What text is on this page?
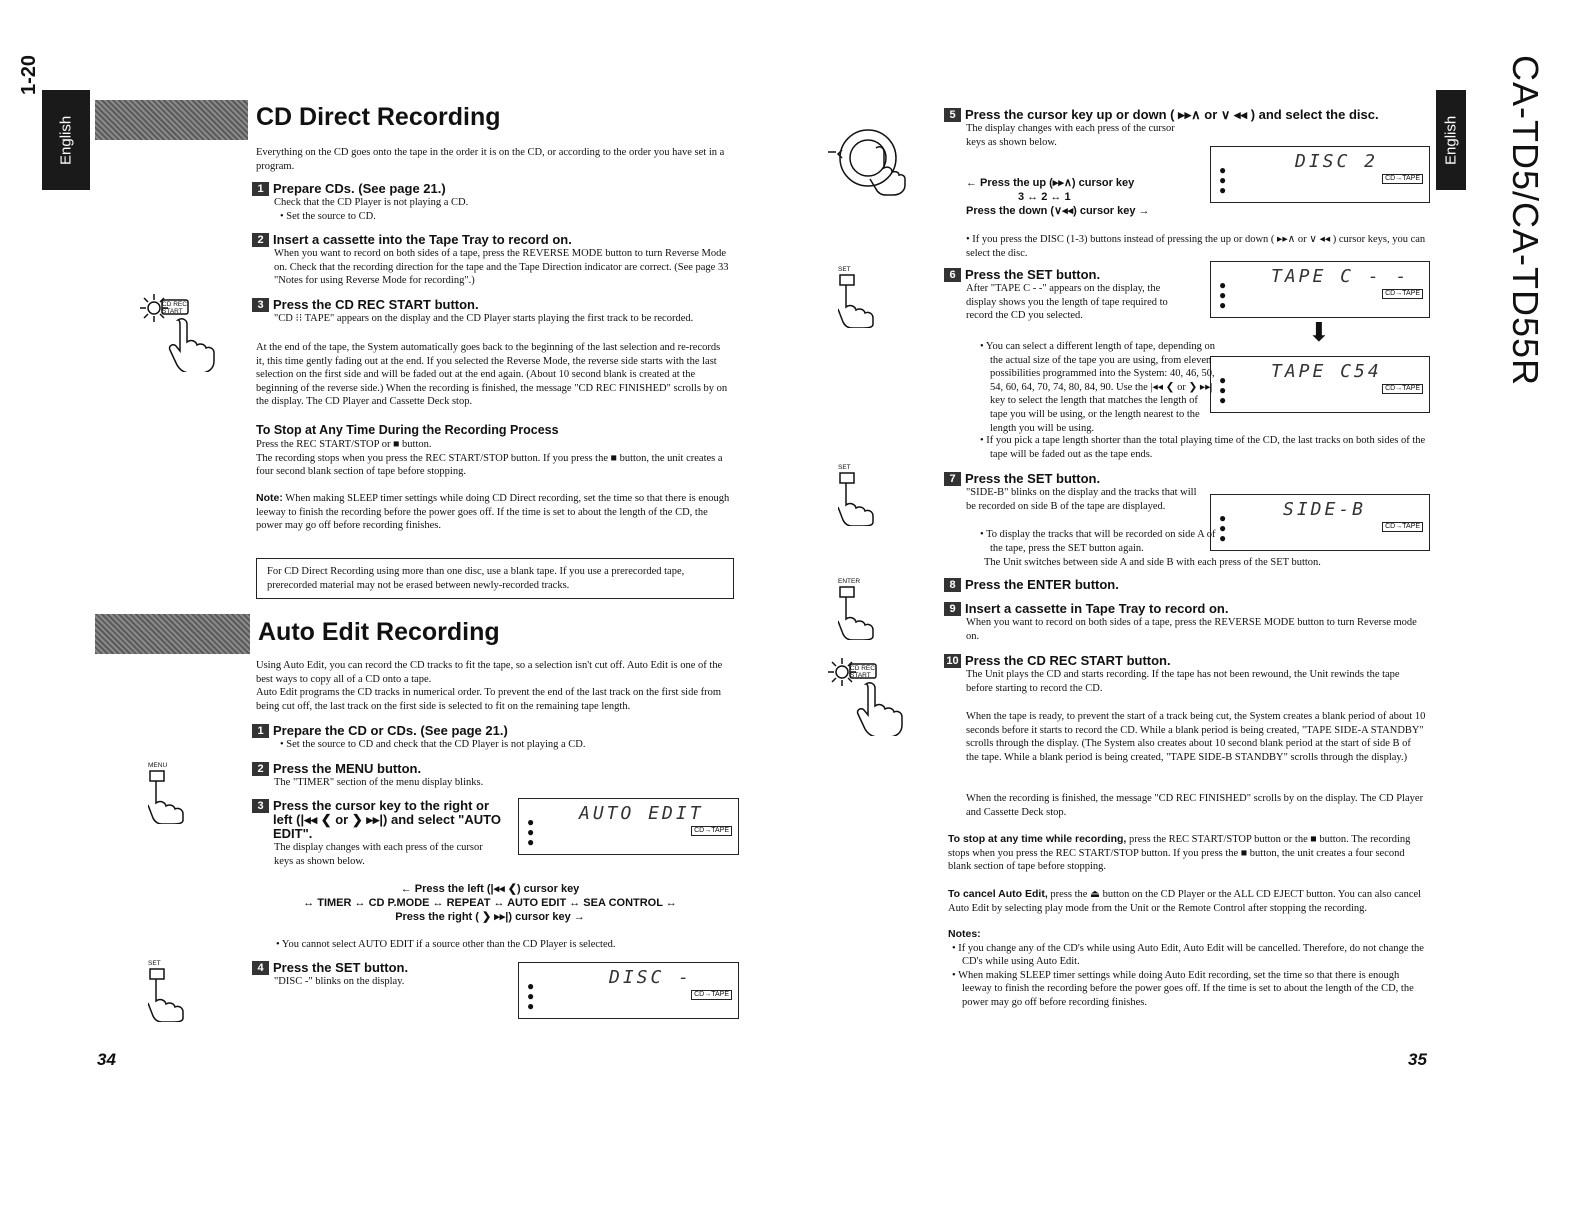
1-20
English	CD Direct Recording
Everything on the CD goes onto the tape in the order it is on the CD, or according to the order you have set in a program.
1 Prepare CDs. (See page 21.)
Check that the CD Player is not playing a CD.
• Set the source to CD.
2 Insert a cassette into the Tape Tray to record on.
When you want to record on both sides of a tape, press the REVERSE MODE button to turn Reverse Mode on. Check that the recording direction for the tape and the Tape Direction indicator are correct. (See page 33 "Notes for using Reverse Mode for recording".)
3 Press the CD REC START button.
"CD ⁝⁝ TAPE" appears on the display and the CD Player starts playing the first track to be recorded.
CD REC START
At the end of the tape, the System automatically goes back to the beginning of the last selection and re-records it, this time gently fading out at the end. If you selected the Reverse Mode, the reverse side starts with the last selection on the first side and will be faded out at the end again. (About 10 second blank is created at the beginning of the reverse side.) When the recording is finished, the message "CD REC FINISHED" scrolls by on the display. The CD Player and Cassette Deck stop.
To Stop at Any Time During the Recording Process
Press the REC START/STOP or ■ button.
The recording stops when you press the REC START/STOP button. If you press the ■ button, the unit creates a four second blank section of tape before stopping.
Note: When making SLEEP timer settings while doing CD Direct recording, set the time so that there is enough leeway to finish the recording before the power goes off. If the time is set to about the length of the CD, the power may go off before recording finishes.
For CD Direct Recording using more than one disc, use a blank tape. If you use a prerecorded tape, prerecorded material may not be erased between newly-recorded tracks.
Auto Edit Recording
Using Auto Edit, you can record the CD tracks to fit the tape, so a selection isn't cut off. Auto Edit is one of the best ways to copy all of a CD onto a tape.
Auto Edit programs the CD tracks in numerical order. To prevent the end of the last track on the first side from being cut off, the last track on the first side is selected to fit on the remaining tape length.
1 Prepare the CD or CDs. (See page 21.)
• Set the source to CD and check that the CD Player is not playing a CD.
2 Press the MENU button.
The "TIMER" section of the menu display blinks.
3 Press the cursor key to the right or left (|◂◂ ❮ or ❯ ▸▸|) and select "AUTO EDIT".
The display changes with each press of the cursor keys as shown below.
AUTO EDIT
●
●
●
CD→TAPE
← Press the left (|◂◂ ❮) cursor key
↔ TIMER ↔ CD P.MODE ↔ REPEAT ↔ AUTO EDIT ↔ SEA CONTROL ↔
Press the right ( ❯ ▸▸|) cursor key →
• You cannot select AUTO EDIT if a source other than the CD Player is selected.
4 Press the SET button.
"DISC -" blinks on the display.	DISC -
●
●
●
CD→TAPE
MENU
SET
34
CA-TD5/CA-TD55R
English
5 Press the cursor key up or down ( ▸▸∧ or ∨ ◂◂ ) and select the disc.
The display changes with each press of the cursor keys as shown below.
← Press the up (▸▸∧) cursor key
3 ↔ 2 ↔ 1
Press the down (∨◂◂) cursor key →
DISC 2
●
●
●
CD→TAPE
• If you press the DISC (1-3) buttons instead of pressing the up or down ( ▸▸∧ or ∨ ◂◂ ) cursor keys, you can select the disc.
SET	6 Press the SET button.
After "TAPE C - -" appears on the display, the display shows you the length of tape required to record the CD you selected.
TAPE C - -
●
●
●
CD→TAPE
⬇
TAPE C54
●
●
●
CD→TAPE
• You can select a different length of tape, depending on the actual size of the tape you are using, from eleven possibilities programmed into the System: 40, 46, 50, 54, 60, 64, 70, 74, 80, 84, 90. Use the |◂◂ ❮ or ❯ ▸▸| key to select the length that matches the length of tape you will be using, or the length nearest to the length you will be using.
• If you pick a tape length shorter than the total playing time of the CD, the last tracks on both sides of the tape will be faded out as the tape ends.
SET
7 Press the SET button.
"SIDE-B" blinks on the display and the tracks that will be recorded on side B of the tape are displayed.	SIDE-B
●
●
●
CD→TAPE
• To display the tracks that will be recorded on side A of the tape, press the SET button again.
The Unit switches between side A and side B with each press of the SET button.
ENTER	8 Press the ENTER button.
9 Insert a cassette in Tape Tray to record on.
When you want to record on both sides of a tape, press the REVERSE MODE button to turn Reverse mode on.
CD REC START
10 Press the CD REC START button.
The Unit plays the CD and starts recording. If the tape has not been rewound, the Unit rewinds the tape before starting to record the CD.
When the tape is ready, to prevent the start of a track being cut, the System creates a blank period of about 10 seconds before it starts to record the CD. While a blank period is being created, "TAPE SIDE-A STANDBY" scrolls through the display. (The System also creates about 10 second blank period at the start of side B of the tape. While a blank period is being created, "TAPE SIDE-B STANDBY" scrolls through the display.)
When the recording is finished, the message "CD REC FINISHED" scrolls by on the display. The CD Player and Cassette Deck stop.
To stop at any time while recording, press the REC START/STOP button or the ■ button. The recording stops when you press the REC START/STOP button. If you press the ■ button, the unit creates a four second blank section of tape before stopping.
To cancel Auto Edit, press the ⏏ button on the CD Player or the ALL CD EJECT button. You can also cancel Auto Edit by selecting play mode from the Unit or the Remote Control after stopping the recording.
Notes:
• If you change any of the CD's while using Auto Edit, Auto Edit will be cancelled. Therefore, do not change the CD's while using Auto Edit.
• When making SLEEP timer settings while doing Auto Edit recording, set the time so that there is enough leeway to finish the recording before the power goes off. If the time is set to about the length of the CD, the power may go off before recording finishes.
35
